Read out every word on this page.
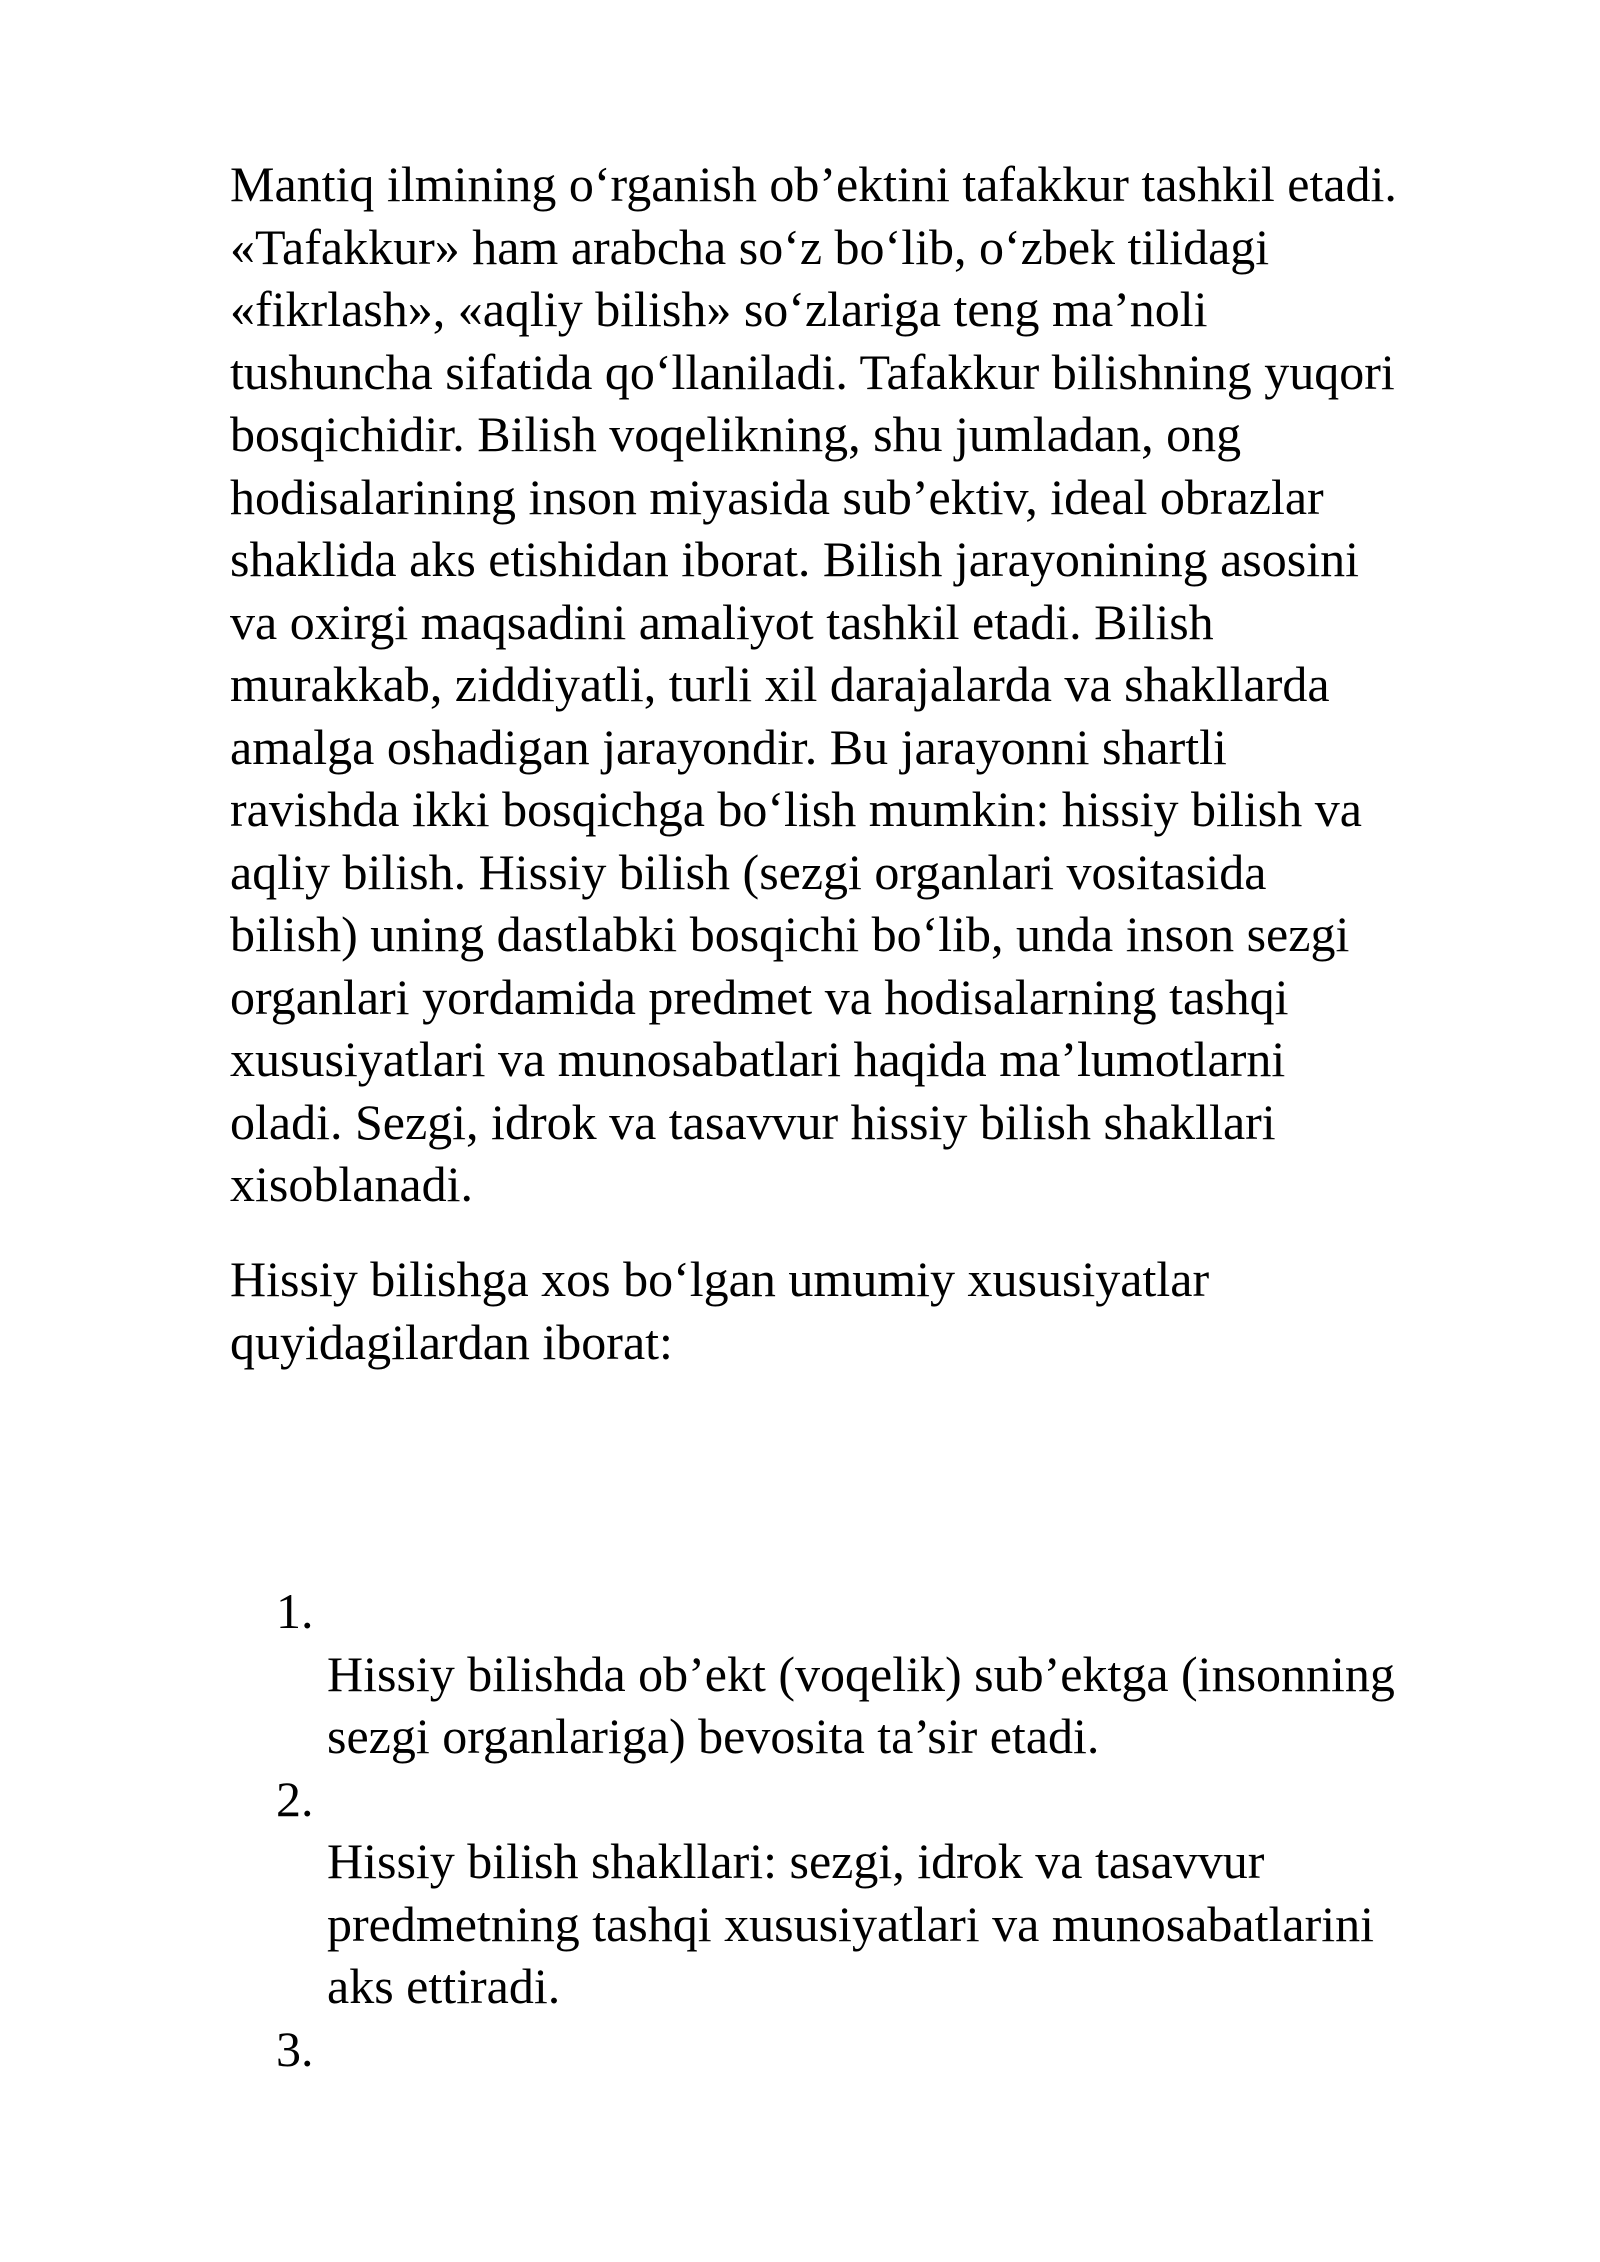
Mantiq ilmining o‘rganish ob’ektini tafakkur tashkil etadi.
«Tafakkur» ham arabcha so‘z bo‘lib, o‘zbek tilidagi
«fikrlash», «aqliy bilish» so‘zlariga teng ma’noli
tushuncha sifatida qo‘llaniladi. Tafakkur bilishning yuqori
bosqichidir. Bilish voqelikning, shu jumladan, ong
hodisalarining inson miyasida sub’ektiv, ideal obrazlar
shaklida aks etishidan iborat. Bilish jarayonining asosini
va oxirgi maqsadini amaliyot tashkil etadi. Bilish
murakkab, ziddiyatli, turli xil darajalarda va shakllarda
amalga oshadigan jarayondir. Bu jarayonni shartli
ravishda ikki bosqichga bo‘lish mumkin: hissiy bilish va
aqliy bilish. Hissiy bilish (sezgi organlari vositasida
bilish) uning dastlabki bosqichi bo‘lib, unda inson sezgi
organlari yordamida predmet va hodisalarning tashqi
xususiyatlari va munosabatlari haqida ma’lumotlarni
oladi. Sezgi, idrok va tasavvur hissiy bilish shakllari
xisoblanadi.
Hissiy bilishga xos bo‘lgan umumiy xususiyatlar
quyidagilardan iborat:
1.
Hissiy bilishda ob’ekt (voqelik) sub’ektga (insonning
sezgi organlariga) bevosita ta’sir etadi.
2.
Hissiy bilish shakllari: sezgi, idrok va tasavvur
predmetning tashqi xususiyatlari va munosabatlarini
aks ettiradi.
3.
